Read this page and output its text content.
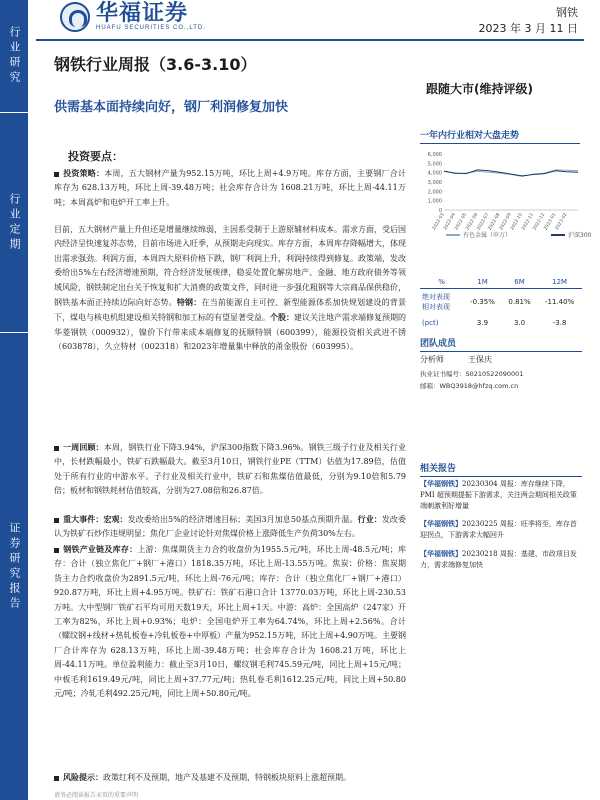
华福证券
HUAFU SECURITIES CO.,LTD.
钢铁
2023 年 3 月 11 日
行业研究
行业定期
证券研究报告
钢铁行业周报（3.6-3.10）
跟随大市(维持评级)
供需基本面持续向好，钢厂利润修复加快
投资要点：
投资策略：本周，五大钢材产量为952.15万吨，环比上周+4.9万吨。库存方面，主要钢厂合计库存为 628.13万吨，环比上周-39.48万吨；社会库存合计为 1608.21万吨，环比上周-44.11万吨；本周高炉和电炉开工率上升。
目前，五大钢材产量上升但还是增量继续绵弱，主因系受制于上游原辅材料成本。需求方面，受后国内经济呈快速复苏态势，目前市场进入旺季，从预期走向现实。库存方面，本周库存降幅增大，体现出需求强劲。利润方面，本周四大原料价格下跌，钢厂利润上升，利润持续得到修复。政策端，发改委给出5%左右经济增速预期，符合经济发展规律，稳妥处置化解房地产、金融、地方政府债务等领域风险，钢铁制定出台关于恢复和扩大消费的政策文件，同时进一步强化粗钢等大宗商品保供稳价，钢铁基本面正持续边际向好态势。特钢：在当前能源自主可控、新型能源体系加快规划建设的背景下，煤电与核电机组建设相关特钢和加工标的有望显著受益。个股：建议关注地产需求端修复预期的华菱钢铁（000932），镍价下行带来成本端修复的抚顺特钢（600399），能源投资相关武进不锈（603878），久立特材（002318）和2023年增量集中释放的甬金股份（603995）。
一周回顾：本周，钢铁行业下降3.94%，沪深300指数下降3.96%。钢铁三级子行业及相关行业中，长材跌幅最小，铁矿石跌幅最大。截至3月10日，钢铁行业PE（TTM）估值为17.89倍，估值处于所有行业的中游水平。子行业及相关行业中，铁矿石和焦煤估值最低，分别为9.10倍和5.79倍；板材和钢铁耗材估值较高，分别为27.08倍和26.87倍。
重大事件：宏观：发改委给出5%的经济增速目标；美国3月加息50基点预期升温。行业：发改委认为铁矿石炒作违规明显；焦化厂企业讨论针对焦煤价格上涨降低生产负荷30%左右。
钢铁产业链及库存：上游：焦煤期货主力合约收盘价为1955.5元/吨，环比上周-48.5元/吨；库存：合计（独立焦化厂+钢厂+港口）1818.35万吨，环比上周-13.55万吨。焦炭：价格：焦炭期货主力合约收盘价为2891.5元/吨，环比上周-76元/吨；库存：合计（独立焦化厂+钢厂+港口）920.87万吨，环比上周+4.95万吨。铁矿石：铁矿石港口合计 13770.03万吨，环比上周-230.53万吨。大中型钢厂铁矿石平均可用天数19天，环比上周+1天。中游：高炉：全国高炉（247家）开工率为82%，环比上周+0.93%；电炉：全国电炉开工率为64.74%，环比上周+2.56%。合计（螺纹钢+线材+热轧板卷+冷轧板卷+中厚板）产量为952.15万吨，环比上周+4.90万吨。主要钢厂合计库存为 628.13万吨，环比上周-39.48万吨；社会库存合计为 1608.21万吨，环比上周-44.11万吨。单位盈利能力：截止至3月10日，螺纹钢毛利745.59元/吨，同比上周+15元/吨；中板毛利1619.49元/吨，同比上周+37.77元/吨；热轧卷毛利1612.25元/吨，同比上周+50.80元/吨；冷轧毛利492.25元/吨，同比上周+50.80元/吨。
风险提示：政策红利不及预期，地产及基建不及预期，特钢板块原料上涨超预期。
一年内行业相对大盘走势
0
1,000
2,000
3,000
4,000
5,000
6,000
2022-03
2022-04
2022-05
2022-06
2022-07
2022-08
2022-09
2022-10
2022-11
2022-12
2023-01
2023-02
有色金属（申万）	沪深300
%	1M	6M	12M
绝对表现
相对表现	-0.35%	0.81%	-11.40%
(pct)	3.9	3.0	-3.8
团队成员
分析师	王保庆
执业证书编号：S0210522090001
邮箱：WBQ3918@hfzq.com.cn
相关报告
【华福钢铁】20230304 周报：库存继续下降，PMI 超预期提振下游需求，关注两会期间相关政策端刺激利好增量
【华福钢铁】20230225 周报：旺季将至，库存首迎拐点，下游需求大幅回升
【华福钢铁】20230218 周报：基建、市政项目发力，需求端修复加快
请务必阅读报告末页的重要声明
